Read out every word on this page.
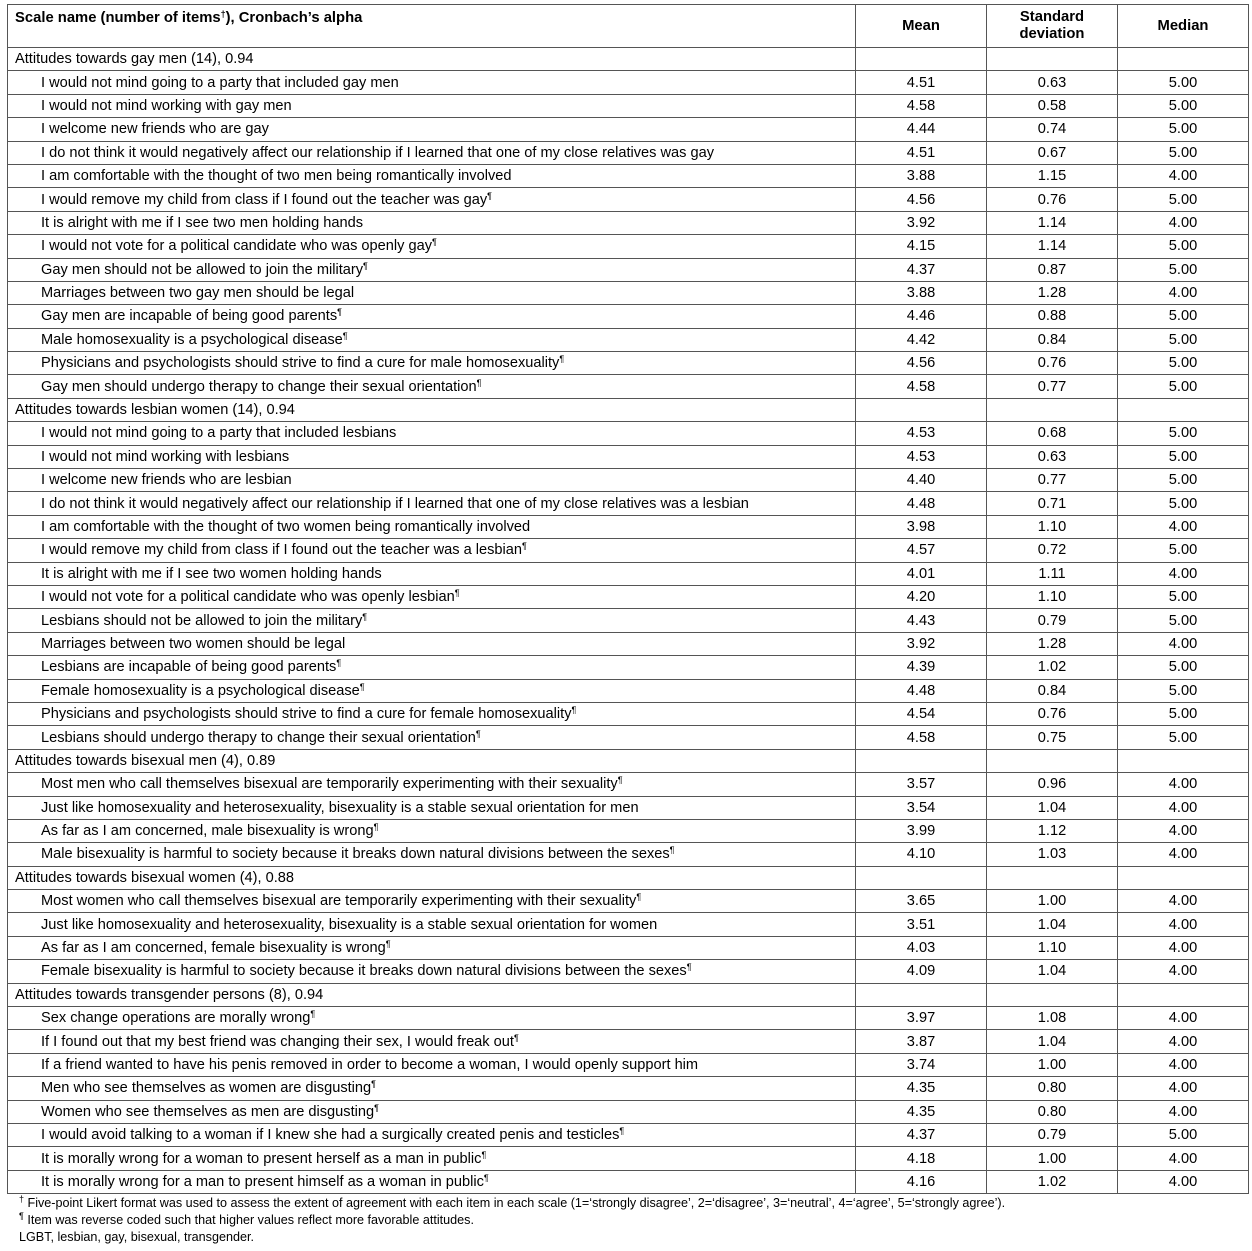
Scale name (number of items†), Cronbach’s alpha	Mean	Standard
deviation	Median
Attitudes towards gay men (14), 0.94			
I would not mind going to a party that included gay men	4.51	0.63	5.00
I would not mind working with gay men	4.58	0.58	5.00
I welcome new friends who are gay	4.44	0.74	5.00
I do not think it would negatively affect our relationship if I learned that one of my close relatives was gay	4.51	0.67	5.00
I am comfortable with the thought of two men being romantically involved	3.88	1.15	4.00
I would remove my child from class if I found out the teacher was gay¶	4.56	0.76	5.00
It is alright with me if I see two men holding hands	3.92	1.14	4.00
I would not vote for a political candidate who was openly gay¶	4.15	1.14	5.00
Gay men should not be allowed to join the military¶	4.37	0.87	5.00
Marriages between two gay men should be legal	3.88	1.28	4.00
Gay men are incapable of being good parents¶	4.46	0.88	5.00
Male homosexuality is a psychological disease¶	4.42	0.84	5.00
Physicians and psychologists should strive to find a cure for male homosexuality¶	4.56	0.76	5.00
Gay men should undergo therapy to change their sexual orientation¶	4.58	0.77	5.00
Attitudes towards lesbian women (14), 0.94			
I would not mind going to a party that included lesbians	4.53	0.68	5.00
I would not mind working with lesbians	4.53	0.63	5.00
I welcome new friends who are lesbian	4.40	0.77	5.00
I do not think it would negatively affect our relationship if I learned that one of my close relatives was a lesbian	4.48	0.71	5.00
I am comfortable with the thought of two women being romantically involved	3.98	1.10	4.00
I would remove my child from class if I found out the teacher was a lesbian¶	4.57	0.72	5.00
It is alright with me if I see two women holding hands	4.01	1.11	4.00
I would not vote for a political candidate who was openly lesbian¶	4.20	1.10	5.00
Lesbians should not be allowed to join the military¶	4.43	0.79	5.00
Marriages between two women should be legal	3.92	1.28	4.00
Lesbians are incapable of being good parents¶	4.39	1.02	5.00
Female homosexuality is a psychological disease¶	4.48	0.84	5.00
Physicians and psychologists should strive to find a cure for female homosexuality¶	4.54	0.76	5.00
Lesbians should undergo therapy to change their sexual orientation¶	4.58	0.75	5.00
Attitudes towards bisexual men (4), 0.89			
Most men who call themselves bisexual are temporarily experimenting with their sexuality¶	3.57	0.96	4.00
Just like homosexuality and heterosexuality, bisexuality is a stable sexual orientation for men	3.54	1.04	4.00
As far as I am concerned, male bisexuality is wrong¶	3.99	1.12	4.00
Male bisexuality is harmful to society because it breaks down natural divisions between the sexes¶	4.10	1.03	4.00
Attitudes towards bisexual women (4), 0.88			
Most women who call themselves bisexual are temporarily experimenting with their sexuality¶	3.65	1.00	4.00
Just like homosexuality and heterosexuality, bisexuality is a stable sexual orientation for women	3.51	1.04	4.00
As far as I am concerned, female bisexuality is wrong¶	4.03	1.10	4.00
Female bisexuality is harmful to society because it breaks down natural divisions between the sexes¶	4.09	1.04	4.00
Attitudes towards transgender persons (8), 0.94			
Sex change operations are morally wrong¶	3.97	1.08	4.00
If I found out that my best friend was changing their sex, I would freak out¶	3.87	1.04	4.00
If a friend wanted to have his penis removed in order to become a woman, I would openly support him	3.74	1.00	4.00
Men who see themselves as women are disgusting¶	4.35	0.80	4.00
Women who see themselves as men are disgusting¶	4.35	0.80	4.00
I would avoid talking to a woman if I knew she had a surgically created penis and testicles¶	4.37	0.79	5.00
It is morally wrong for a woman to present herself as a man in public¶	4.18	1.00	4.00
It is morally wrong for a man to present himself as a woman in public¶	4.16	1.02	4.00
† Five-point Likert format was used to assess the extent of agreement with each item in each scale (1=‘strongly disagree’, 2=‘disagree’, 3=‘neutral’, 4=‘agree’, 5=‘strongly agree’).
¶ Item was reverse coded such that higher values reflect more favorable attitudes.
LGBT, lesbian, gay, bisexual, transgender.
